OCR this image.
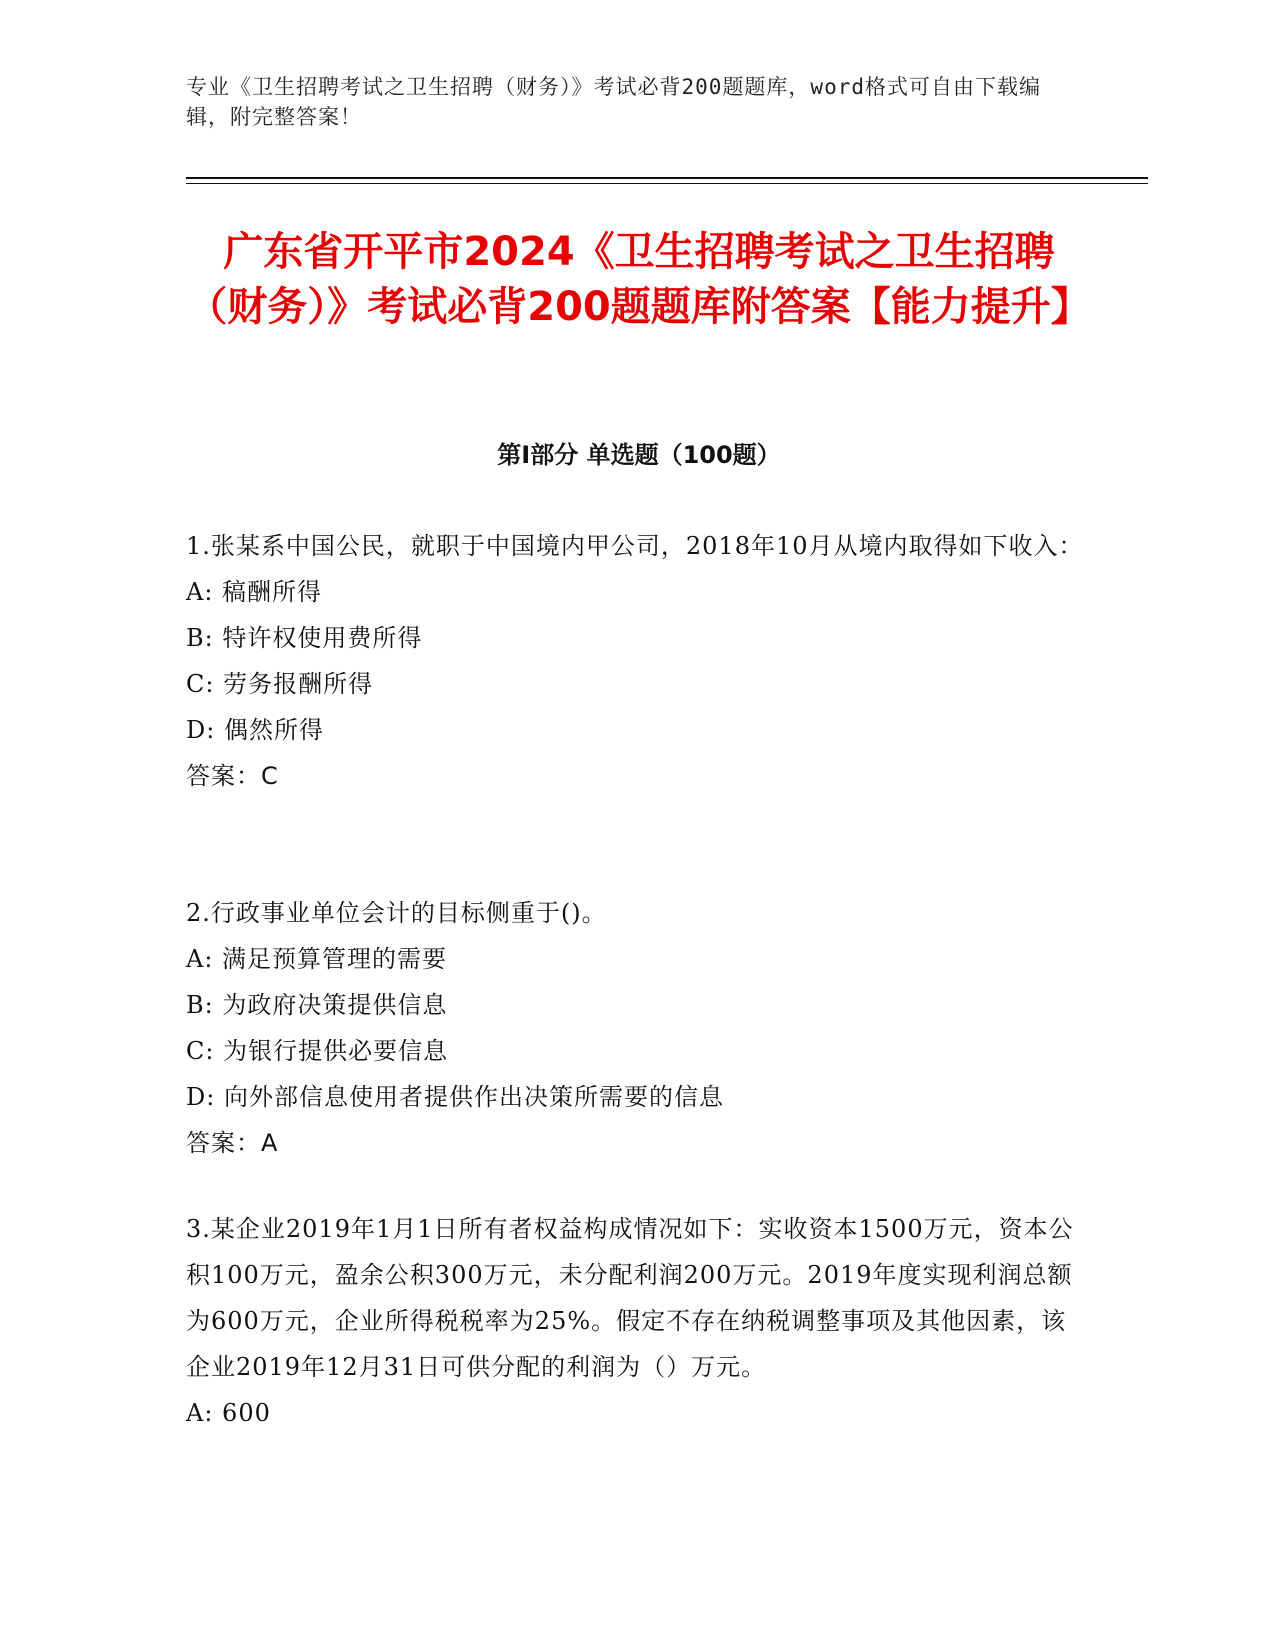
专业《卫生招聘考试之卫生招聘（财务）》考试必背200题题库，word格式可自由下载编辑，附完整答案！
广东省开平市2024《卫生招聘考试之卫生招聘（财务）》考试必背200题题库附答案【能力提升】
第I部分 单选题（100题）
1.张某系中国公民，就职于中国境内甲公司，2018年10月从境内取得如下收入：
A: 稿酬所得
B: 特许权使用费所得
C: 劳务报酬所得
D: 偶然所得
答案：C
2.行政事业单位会计的目标侧重于()。
A: 满足预算管理的需要
B: 为政府决策提供信息
C: 为银行提供必要信息
D: 向外部信息使用者提供作出决策所需要的信息
答案：A
3.某企业2019年1月1日所有者权益构成情况如下：实收资本1500万元，资本公积100万元，盈余公积300万元，未分配利润200万元。2019年度实现利润总额为600万元，企业所得税税率为25%。假定不存在纳税调整事项及其他因素，该企业2019年12月31日可供分配的利润为（）万元。
A: 600
